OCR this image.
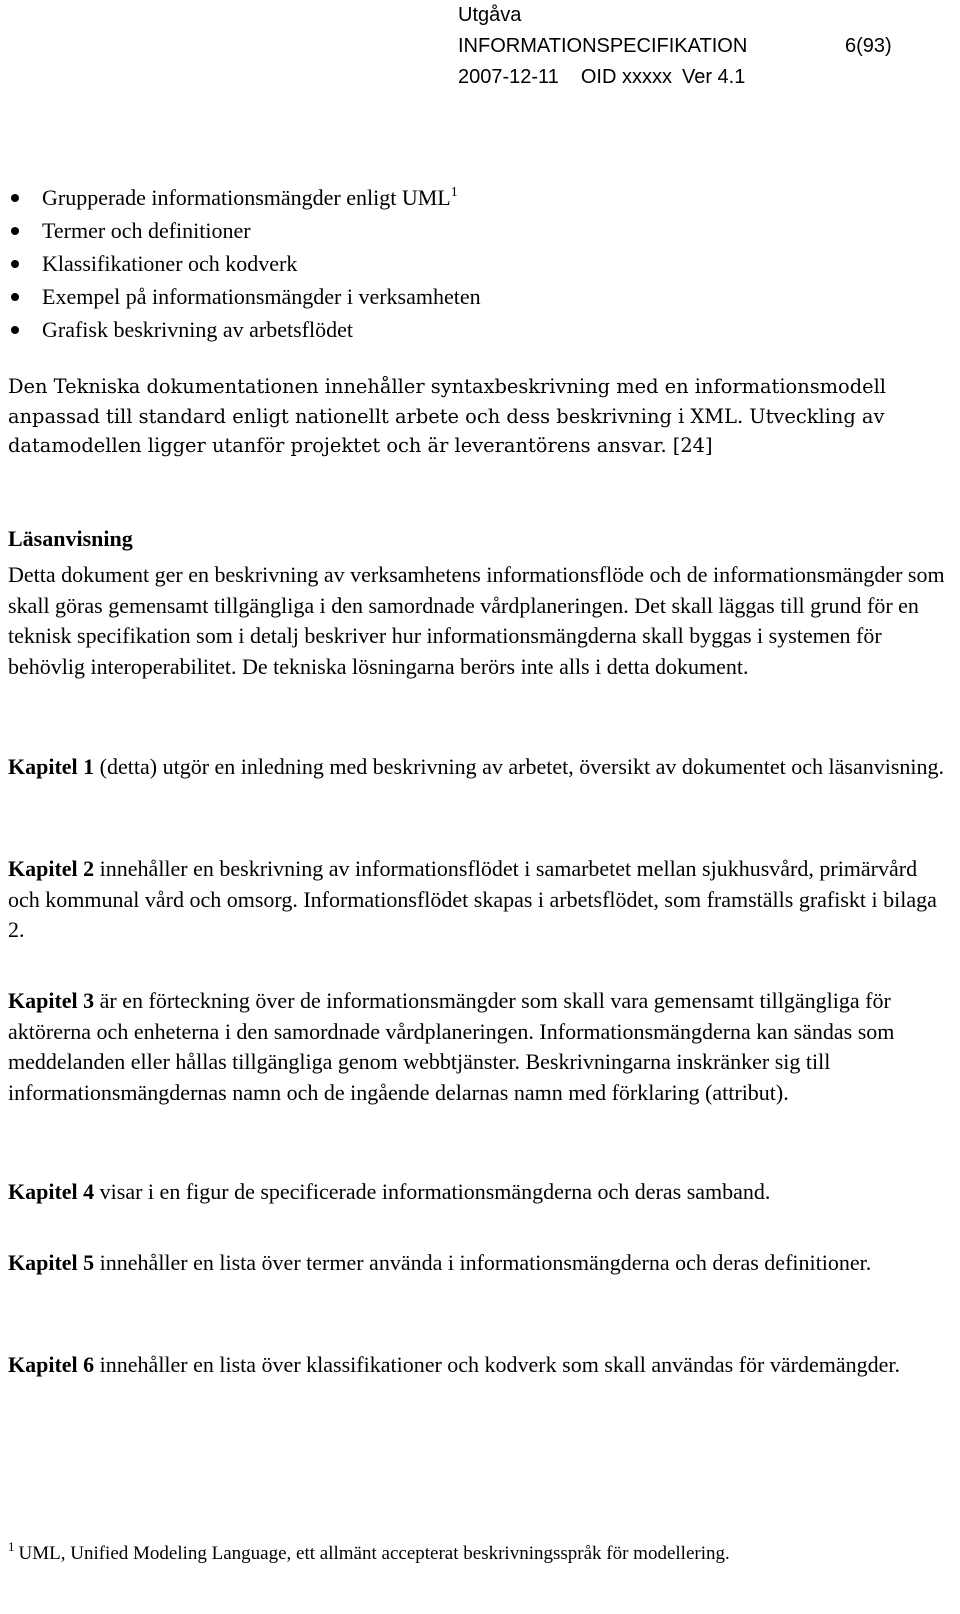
Utgåva
INFORMATIONSPECIFIKATION	6(93)
2007-12-11 OID xxxxx Ver 4.1
Grupperade informationsmängder enligt UML$^1$
Termer och definitioner
Klassifikationer och kodverk
Exempel på informationsmängder i verksamheten
Grafisk beskrivning av arbetsflödet

Den Tekniska dokumentationen innehåller syntaxbeskrivning med en informationsmodell anpassad till standard enligt nationellt arbete och dess beskrivning i XML. Utveckling av datamodellen ligger utanför projektet och är leverantörens ansvar. [24]

Läsanvisning

Detta dokument ger en beskrivning av verksamhetens informationsflöde och de informationsmängder som skall göras gemensamt tillgängliga i den samordnade vårdplaneringen. Det skall läggas till grund för en teknisk specifikation som i detalj beskriver hur informationsmängderna skall byggas i systemen för behövlig interoperabilitet. De tekniska lösningarna berörs inte alls i detta dokument.

Kapitel 1 (detta) utgör en inledning med beskrivning av arbetet, översikt av dokumentet och läsanvisning.

Kapitel 2 innehåller en beskrivning av informationsflödet i samarbetet mellan sjukhusvård, primärvård och kommunal vård och omsorg. Informationsflödet skapas i arbetsflödet, som framställs grafiskt i bilaga 2.

Kapitel 3 är en förteckning över de informationsmängder som skall vara gemensamt tillgängliga för aktörerna och enheterna i den samordnade vårdplaneringen. Informationsmängderna kan sändas som meddelanden eller hållas tillgängliga genom webbtjänster. Beskrivningarna inskränker sig till informationsmängdernas namn och de ingående delarnas namn med förklaring (attribut).

Kapitel 4 visar i en figur de specificerade informationsmängderna och deras samband.

Kapitel 5 innehåller en lista över termer använda i informationsmängderna och deras definitioner.

Kapitel 6 innehåller en lista över klassifikationer och kodverk som skall användas för värdemängder.

$^1$ UML, Unified Modeling Language, ett allmänt accepterat beskrivningsspråk för modellering.
